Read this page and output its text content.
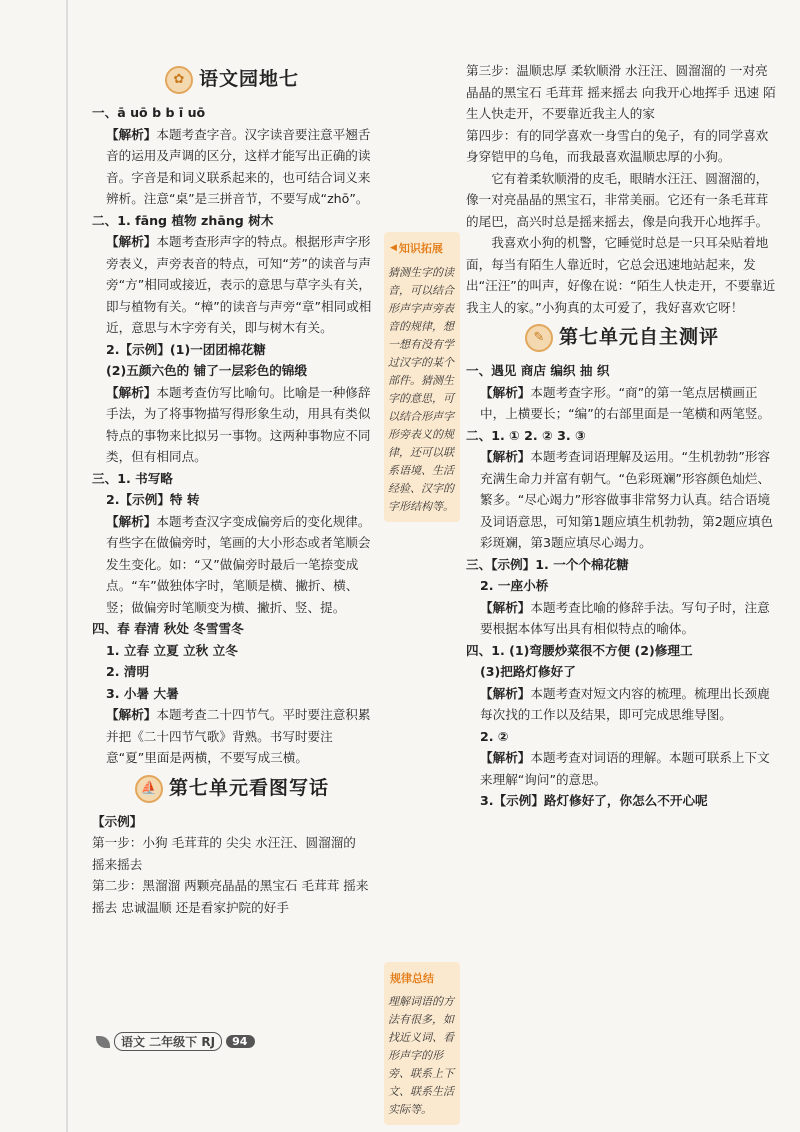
✿ 语文园地七

一、ā uō b b ī uō

【解析】本题考查字音。汉字读音要注意平翘舌音的运用及声调的区分，这样才能写出正确的读音。字音是和词义联系起来的，也可结合词义来辨析。注意“桌”是三拼音节，不要写成“zhō”。

二、1. fāng 植物 zhāng 树木

【解析】本题考查形声字的特点。根据形声字形旁表义，声旁表音的特点，可知“芳”的读音与声旁“方”相同或接近，表示的意思与草字头有关，即与植物有关。“樟”的读音与声旁“章”相同或相近，意思与木字旁有关，即与树木有关。

2.【示例】(1)一团团棉花糖

(2)五颜六色的 铺了一层彩色的锦缎

【解析】本题考查仿写比喻句。比喻是一种修辞手法，为了将事物描写得形象生动，用具有类似特点的事物来比拟另一事物。这两种事物应不同类，但有相同点。

三、1. 书写略

2.【示例】特 转

【解析】本题考查汉字变成偏旁后的变化规律。有些字在做偏旁时，笔画的大小形态或者笔顺会发生变化。如：“又”做偏旁时最后一笔捺变成点。“车”做独体字时，笔顺是横、撇折、横、竖；做偏旁时笔顺变为横、撇折、竖、提。

四、春 春清 秋处 冬雪雪冬

1. 立春 立夏 立秋 立冬

2. 清明

3. 小暑 大暑

【解析】本题考查二十四节气。平时要注意积累并把《二十四节气歌》背熟。书写时要注意“夏”里面是两横，不要写成三横。

⛵ 第七单元看图写话

【示例】

第一步：小狗 毛茸茸的 尖尖 水汪汪、圆溜溜的 摇来摇去

第二步：黑溜溜 两颗亮晶晶的黑宝石 毛茸茸 摇来摇去 忠诚温顺 还是看家护院的好手

◀ 知识拓展
猜测生字的读音，可以结合形声字声旁表音的规律，想一想有没有学过汉字的某个部件。猜测生字的意思，可以结合形声字形旁表义的规律，还可以联系语境、生活经验、汉字的字形结构等。
规律总结
理解词语的方法有很多，如找近义词、看形声字的形旁、联系上下文、联系生活实际等。

第三步：温顺忠厚 柔软顺滑 水汪汪、圆溜溜的 一对亮晶晶的黑宝石 毛茸茸 摇来摇去 向我开心地挥手 迅速 陌生人快走开，不要靠近我主人的家

第四步：有的同学喜欢一身雪白的兔子，有的同学喜欢身穿铠甲的乌龟，而我最喜欢温顺忠厚的小狗。

它有着柔软顺滑的皮毛，眼睛水汪汪、圆溜溜的，像一对亮晶晶的黑宝石，非常美丽。它还有一条毛茸茸的尾巴，高兴时总是摇来摇去，像是向我开心地挥手。

我喜欢小狗的机警，它睡觉时总是一只耳朵贴着地面，每当有陌生人靠近时，它总会迅速地站起来，发出“汪汪”的叫声，好像在说：“陌生人快走开，不要靠近我主人的家。”小狗真的太可爱了，我好喜欢它呀！

✎ 第七单元自主测评

一、遇见 商店 编织 抽 织

【解析】本题考查字形。“商”的第一笔点居横画正中，上横要长；“编”的右部里面是一笔横和两笔竖。

二、1. ① 2. ② 3. ③

【解析】本题考查词语理解及运用。“生机勃勃”形容充满生命力并富有朝气。“色彩斑斓”形容颜色灿烂、繁多。“尽心竭力”形容做事非常努力认真。结合语境及词语意思，可知第1题应填生机勃勃，第2题应填色彩斑斓，第3题应填尽心竭力。

三、【示例】1. 一个个棉花糖

2. 一座小桥

【解析】本题考查比喻的修辞手法。写句子时，注意要根据本体写出具有相似特点的喻体。

四、1. (1)弯腰炒菜很不方便 (2)修理工

(3)把路灯修好了

【解析】本题考查对短文内容的梳理。梳理出长颈鹿每次找的工作以及结果，即可完成思维导图。

2. ②

【解析】本题考查对词语的理解。本题可联系上下文来理解“询问”的意思。

3.【示例】路灯修好了，你怎么不开心呢

语文 二年级下 RJ	94
